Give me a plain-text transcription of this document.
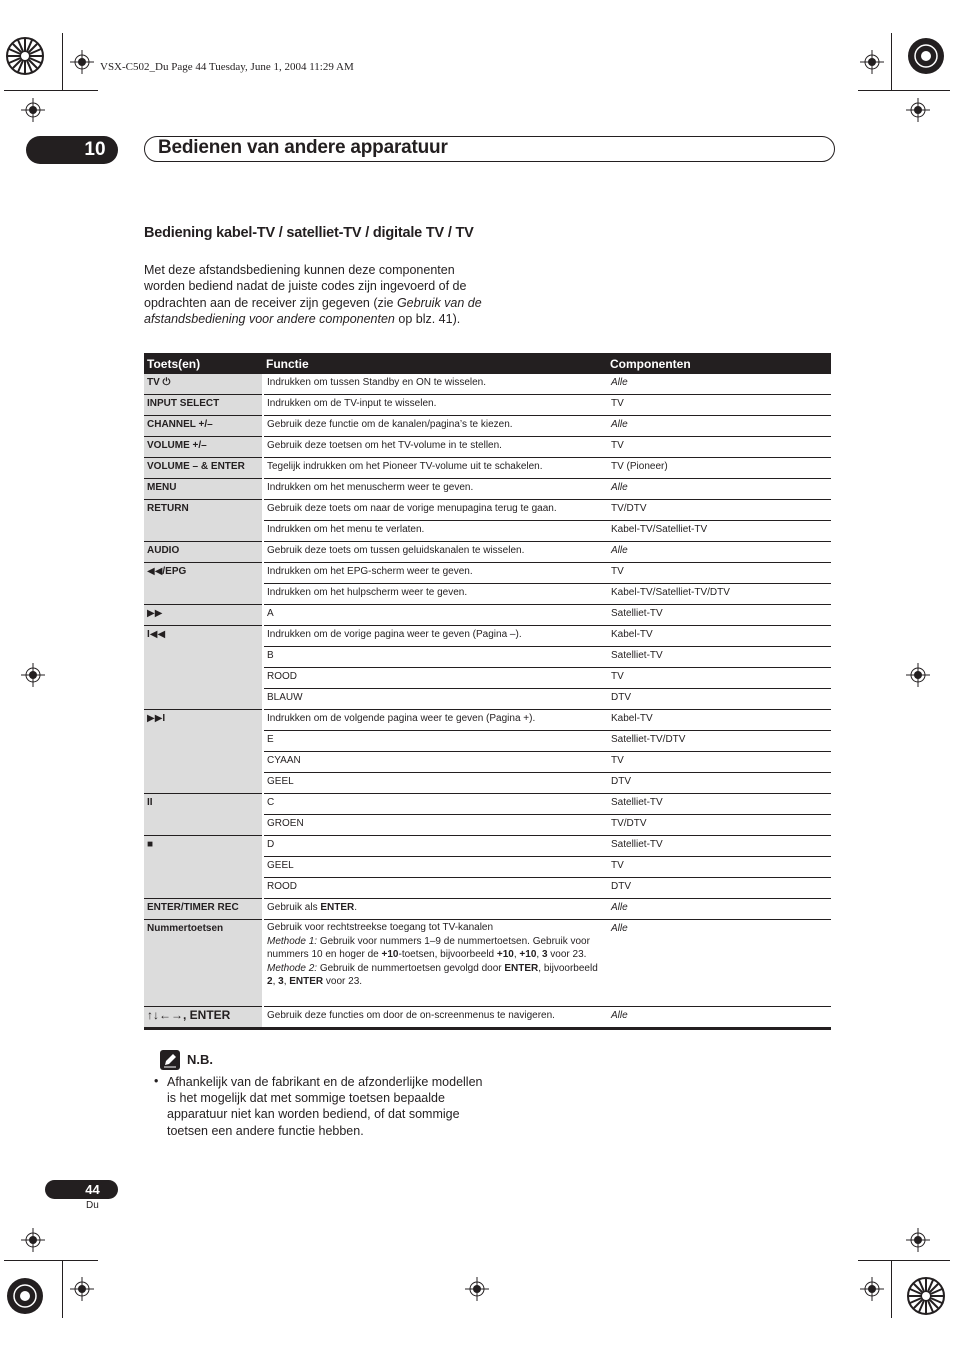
VSX-C502_Du Page 44 Tuesday, June 1, 2004 11:29 AM
10	Bedienen van andere apparatuur
Bediening kabel-TV / satelliet-TV / digitale TV / TV
Met deze afstandsbediening kunnen deze componenten worden bediend nadat de juiste codes zijn ingevoerd of de opdrachten aan de receiver zijn gegeven (zie Gebruik van de afstandsbediening voor andere componenten op blz. 41).
Toets(en)	Functie	Componenten
TV ⏻	Indrukken om tussen Standby en ON te wisselen.	Alle
INPUT SELECT	Indrukken om de TV-input te wisselen.	TV
CHANNEL +/–	Gebruik deze functie om de kanalen/pagina’s te kiezen.	Alle
VOLUME +/–	Gebruik deze toetsen om het TV-volume in te stellen.	TV
VOLUME – & ENTER	Tegelijk indrukken om het Pioneer TV-volume uit te schakelen.	TV (Pioneer)
MENU	Indrukken om het menuscherm weer te geven.	Alle
RETURN	Gebruik deze toets om naar de vorige menupagina terug te gaan.	TV/DTV
	Indrukken om het menu te verlaten.	Kabel-TV/Satelliet-TV
AUDIO	Gebruik deze toets om tussen geluidskanalen te wisselen.	Alle
◀◀/EPG	Indrukken om het EPG-scherm weer te geven.	TV
	Indrukken om het hulpscherm weer te geven.	Kabel-TV/Satelliet-TV/DTV
▶▶	A	Satelliet-TV
I◀◀	Indrukken om de vorige pagina weer te geven (Pagina –).	Kabel-TV
	B	Satelliet-TV
	ROOD	TV
	BLAUW	DTV
▶▶I	Indrukken om de volgende pagina weer te geven (Pagina +).	Kabel-TV
	E	Satelliet-TV/DTV
	CYAAN	TV
	GEEL	DTV
II	C	Satelliet-TV
	GROEN	TV/DTV
■	D	Satelliet-TV
	GEEL	TV
	ROOD	DTV
ENTER/TIMER REC	Gebruik als ENTER.	Alle
Nummertoetsen	Gebruik voor rechtstreekse toegang tot TV-kanalen
Methode 1: Gebruik voor nummers 1–9 de nummertoetsen. Gebruik voor nummers 10 en hoger de +10-toetsen, bijvoorbeeld +10, +10, 3 voor 23.
Methode 2: Gebruik de nummertoetsen gevolgd door ENTER, bijvoorbeeld 2, 3, ENTER voor 23.	Alle
↑↓←→, ENTER	Gebruik deze functies om door de on-screenmenus te navigeren.	Alle
N.B.
• Afhankelijk van de fabrikant en de afzonderlijke modellen is het mogelijk dat met sommige toetsen bepaalde apparatuur niet kan worden bediend, of dat sommige toetsen een andere functie hebben.
44
Du
